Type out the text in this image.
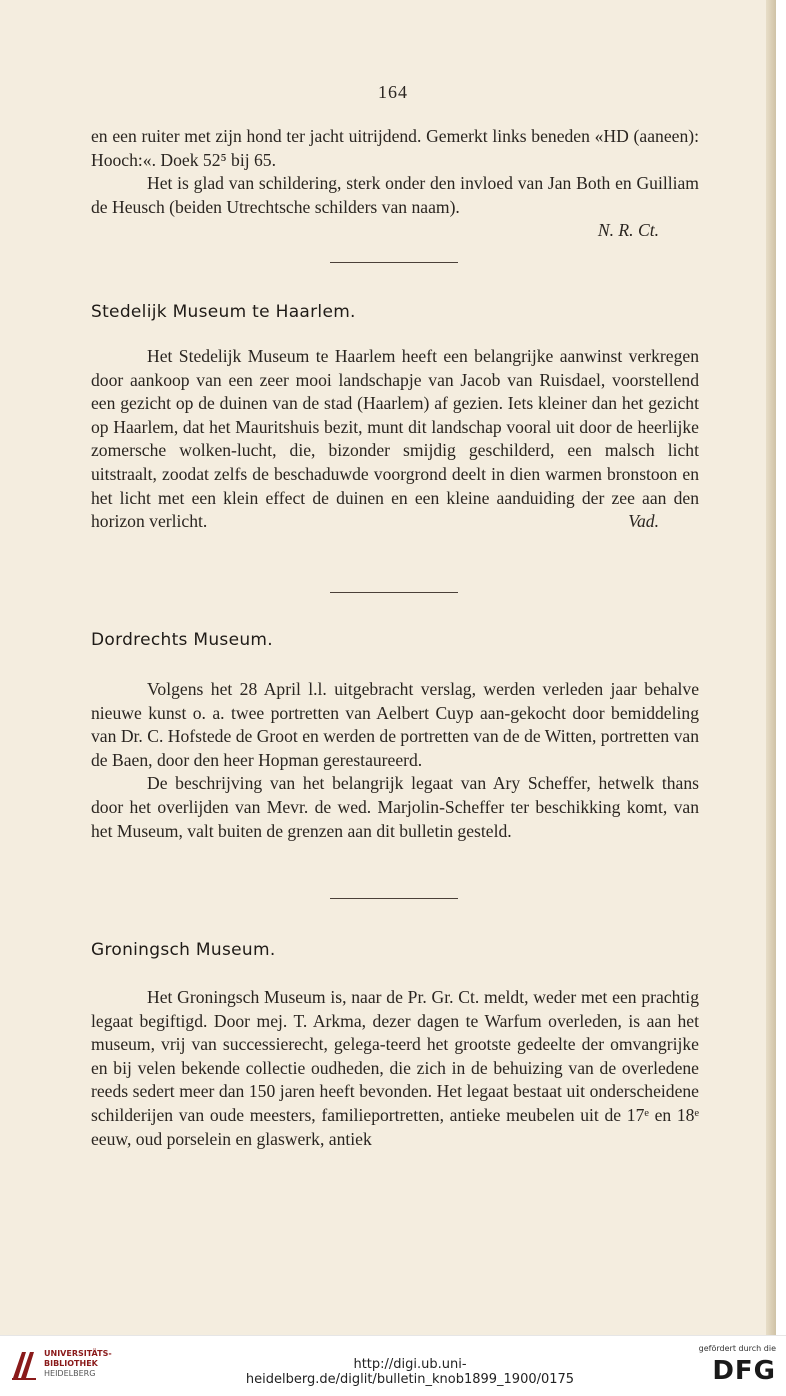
164

en een ruiter met zijn hond ter jacht uitrijdend. Gemerkt links beneden «HD (aaneen): Hooch:«. Doek 52⁵ bij 65.

Het is glad van schildering, sterk onder den invloed van Jan Both en Guilliam de Heusch (beiden Utrechtsche schilders van naam).

N. R. Ct.

Stedelijk Museum te Haarlem.

Het Stedelijk Museum te Haarlem heeft een belangrijke aanwinst verkregen door aankoop van een zeer mooi landschapje van Jacob van Ruisdael, voorstellend een gezicht op de duinen van de stad (Haarlem) af gezien. Iets kleiner dan het gezicht op Haarlem, dat het Mauritshuis bezit, munt dit landschap vooral uit door de heerlijke zomersche wolken-lucht, die, bizonder smijdig geschilderd, een malsch licht uitstraalt, zoodat zelfs de beschaduwde voorgrond deelt in dien warmen bronstoon en het licht met een klein effect de duinen en een kleine aanduiding der zee aan den horizon verlicht.	Vad.

Dordrechts Museum.

Volgens het 28 April l.l. uitgebracht verslag, werden verleden jaar behalve nieuwe kunst o. a. twee portretten van Aelbert Cuyp aan-gekocht door bemiddeling van Dr. C. Hofstede de Groot en werden de portretten van de de Witten, portretten van de Baen, door den heer Hopman gerestaureerd.

De beschrijving van het belangrijk legaat van Ary Scheffer, hetwelk thans door het overlijden van Mevr. de wed. Marjolin-Scheffer ter beschikking komt, van het Museum, valt buiten de grenzen aan dit bulletin gesteld.

Groningsch Museum.

Het Groningsch Museum is, naar de Pr. Gr. Ct. meldt, weder met een prachtig legaat begiftigd. Door mej. T. Arkma, dezer dagen te Warfum overleden, is aan het museum, vrij van successierecht, gelega-teerd het grootste gedeelte der omvangrijke en bij velen bekende collectie oudheden, die zich in de behuizing van de overledene reeds sedert meer dan 150 jaren heeft bevonden. Het legaat bestaat uit onderscheidene schilderijen van oude meesters, familieportretten, antieke meubelen uit de 17ᵉ en 18ᵉ eeuw, oud porselein en glaswerk, antiek

UNIVERSITÄTS-
BIBLIOTHEK
HEIDELBERG
http://digi.ub.uni-heidelberg.de/diglit/bulletin_knob1899_1900/0175
gefördert durch die
DFG
